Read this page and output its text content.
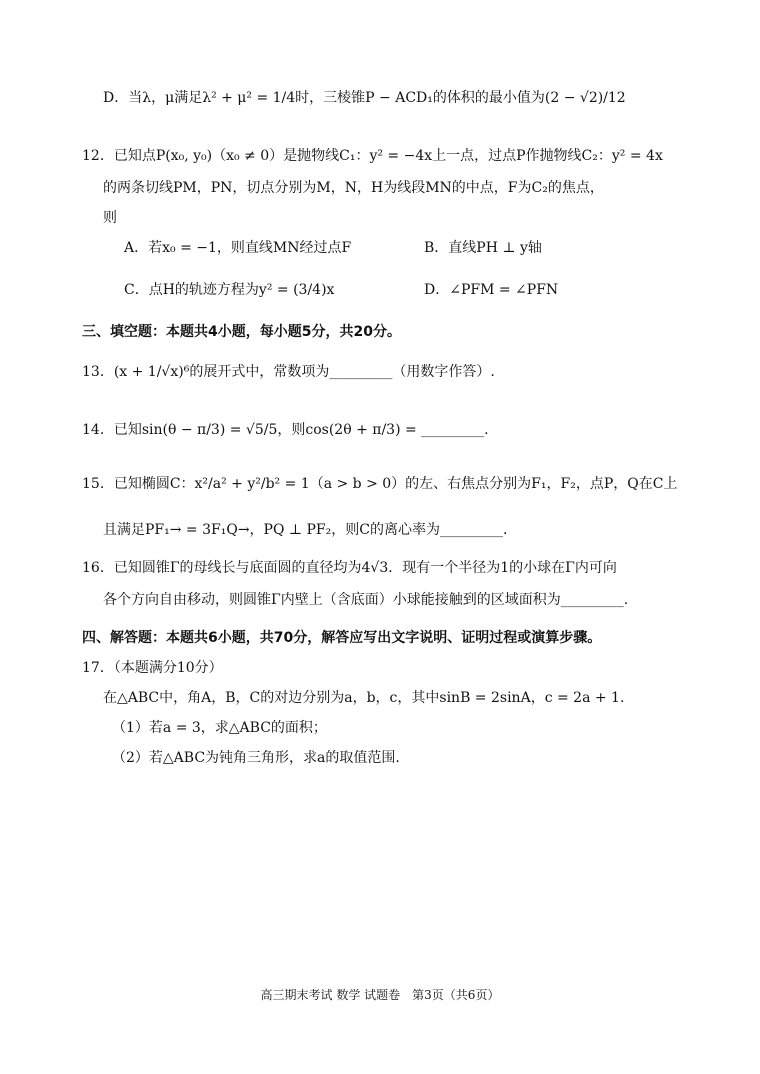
D．当λ，μ满足λ² + μ² = 1/4时，三棱锥P − ACD₁的体积的最小值为(2 − √2)/12
12．已知点P(x₀, y₀)（x₀ ≠ 0）是抛物线C₁：y² = −4x上一点，过点P作抛物线C₂：y² = 4x
的两条切线PM，PN，切点分别为M，N，H为线段MN的中点，F为C₂的焦点，
则
A．若x₀ = −1，则直线MN经过点F	B．直线PH ⊥ y轴
C．点H的轨迹方程为y² = (3/4)x	D．∠PFM = ∠PFN
三、填空题：本题共4小题，每小题5分，共20分。
13．(x + 1/√x)⁶的展开式中，常数项为_________（用数字作答）.
14．已知sin(θ − π/3) = √5/5，则cos(2θ + π/3) = _________.
15．已知椭圆C：x²/a² + y²/b² = 1（a > b > 0）的左、右焦点分别为F₁，F₂，点P，Q在C上
且满足PF₁→ = 3F₁Q→，PQ ⊥ PF₂，则C的离心率为_________.
16．已知圆锥Γ的母线长与底面圆的直径均为4√3．现有一个半径为1的小球在Γ内可向
各个方向自由移动，则圆锥Γ内壁上（含底面）小球能接触到的区域面积为_________.
四、解答题：本题共6小题，共70分，解答应写出文字说明、证明过程或演算步骤。
17．（本题满分10分）
在△ABC中，角A，B，C的对边分别为a，b，c，其中sinB = 2sinA，c = 2a + 1.
（1）若a = 3，求△ABC的面积；
（2）若△ABC为钝角三角形，求a的取值范围.
高三期末考试 数学 试题卷　第3页（共6页）
